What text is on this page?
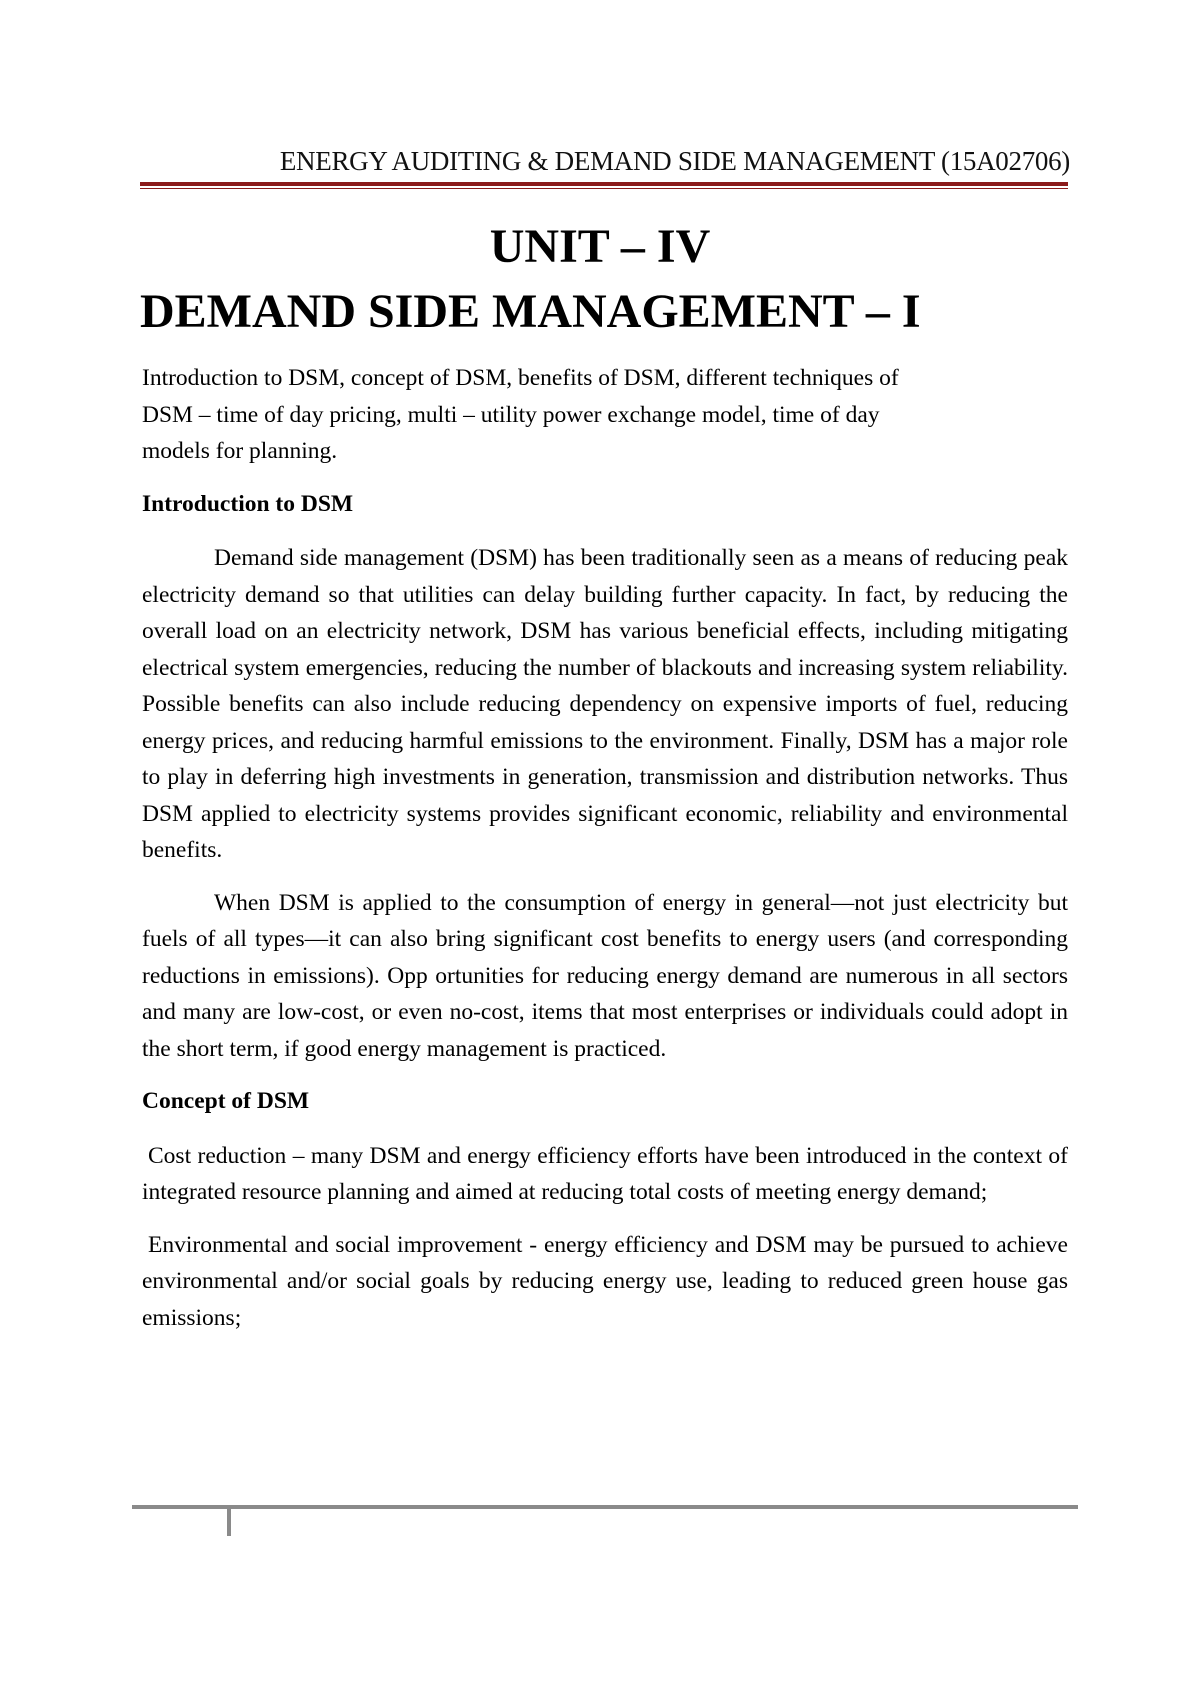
ENERGY AUDITING & DEMAND SIDE MANAGEMENT (15A02706)
UNIT – IV
DEMAND SIDE MANAGEMENT – I

Introduction to DSM, concept of DSM, benefits of DSM, different techniques of DSM – time of day pricing, multi – utility power exchange model, time of day models for planning.

Introduction to DSM

Demand side management (DSM) has been traditionally seen as a means of reducing peak electricity demand so that utilities can delay building further capacity. In fact, by reducing the overall load on an electricity network, DSM has various beneficial effects, including mitigating electrical system emergencies, reducing the number of blackouts and increasing system reliability. Possible benefits can also include reducing dependency on expensive imports of fuel, reducing energy prices, and reducing harmful emissions to the environment. Finally, DSM has a major role to play in deferring high investments in generation, transmission and distribution networks. Thus DSM applied to electricity systems provides significant economic, reliability and environmental benefits.

When DSM is applied to the consumption of energy in general—not just electricity but fuels of all types—it can also bring significant cost benefits to energy users (and corresponding reductions in emissions). Opp ortunities for reducing energy demand are numerous in all sectors and many are low-cost, or even no-cost, items that most enterprises or individuals could adopt in the short term, if good energy management is practiced.

Concept of DSM

Cost reduction – many DSM and energy efficiency efforts have been introduced in the context of integrated resource planning and aimed at reducing total costs of meeting energy demand;

Environmental and social improvement - energy efficiency and DSM may be pursued to achieve environmental and/or social goals by reducing energy use, leading to reduced green house gas emissions;
